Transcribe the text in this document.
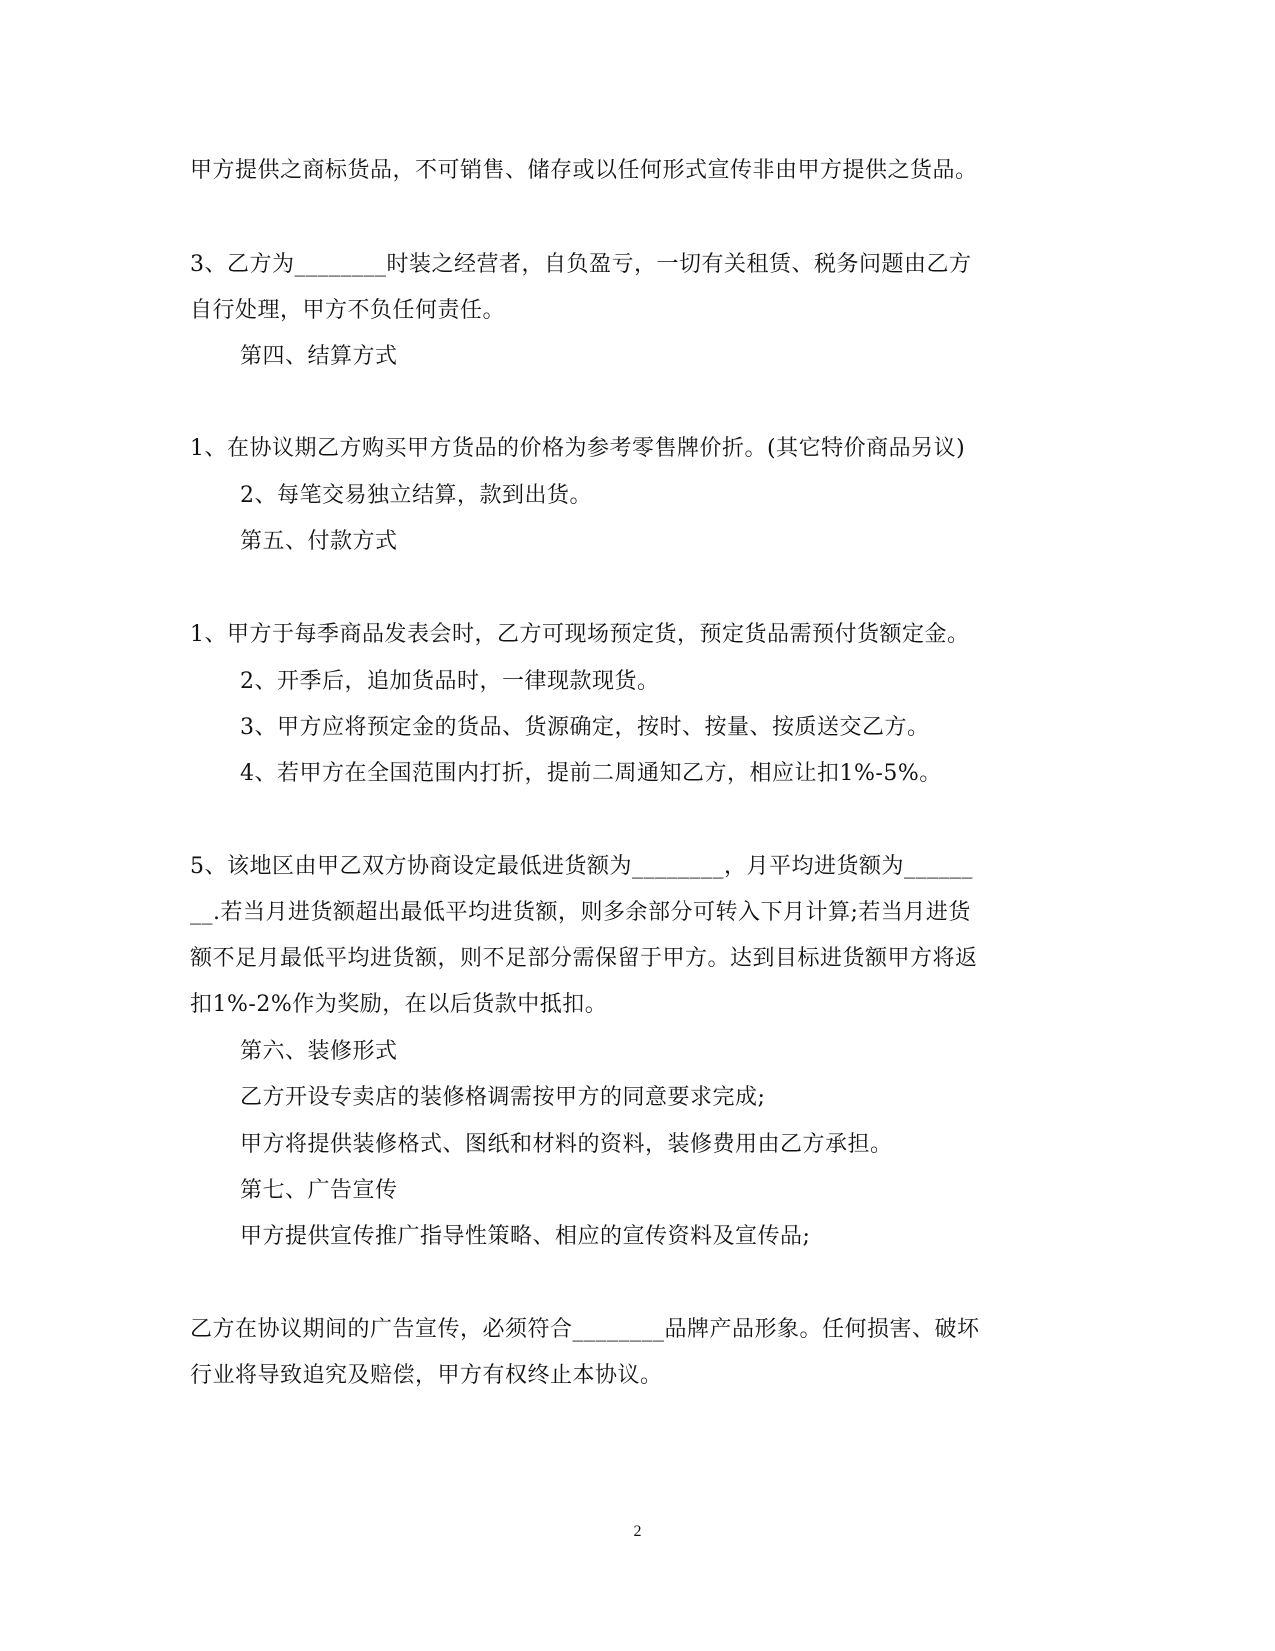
甲方提供之商标货品，不可销售、储存或以任何形式宣传非由甲方提供之货品。
3、乙方为________时装之经营者，自负盈亏，一切有关租赁、税务问题由乙方
自行处理，甲方不负任何责任。
第四、结算方式
1、在协议期乙方购买甲方货品的价格为参考零售牌价折。(其它特价商品另议)
2、每笔交易独立结算，款到出货。
第五、付款方式
1、甲方于每季商品发表会时，乙方可现场预定货，预定货品需预付货额定金。
2、开季后，追加货品时，一律现款现货。
3、甲方应将预定金的货品、货源确定，按时、按量、按质送交乙方。
4、若甲方在全国范围内打折，提前二周通知乙方，相应让扣1%-5%。
5、该地区由甲乙双方协商设定最低进货额为________，月平均进货额为______
__.若当月进货额超出最低平均进货额，则多余部分可转入下月计算;若当月进货
额不足月最低平均进货额，则不足部分需保留于甲方。达到目标进货额甲方将返
扣1%-2%作为奖励，在以后货款中抵扣。
第六、装修形式
乙方开设专卖店的装修格调需按甲方的同意要求完成;
甲方将提供装修格式、图纸和材料的资料，装修费用由乙方承担。
第七、广告宣传
甲方提供宣传推广指导性策略、相应的宣传资料及宣传品;
乙方在协议期间的广告宣传，必须符合________品牌产品形象。任何损害、破坏
行业将导致追究及赔偿，甲方有权终止本协议。
2
